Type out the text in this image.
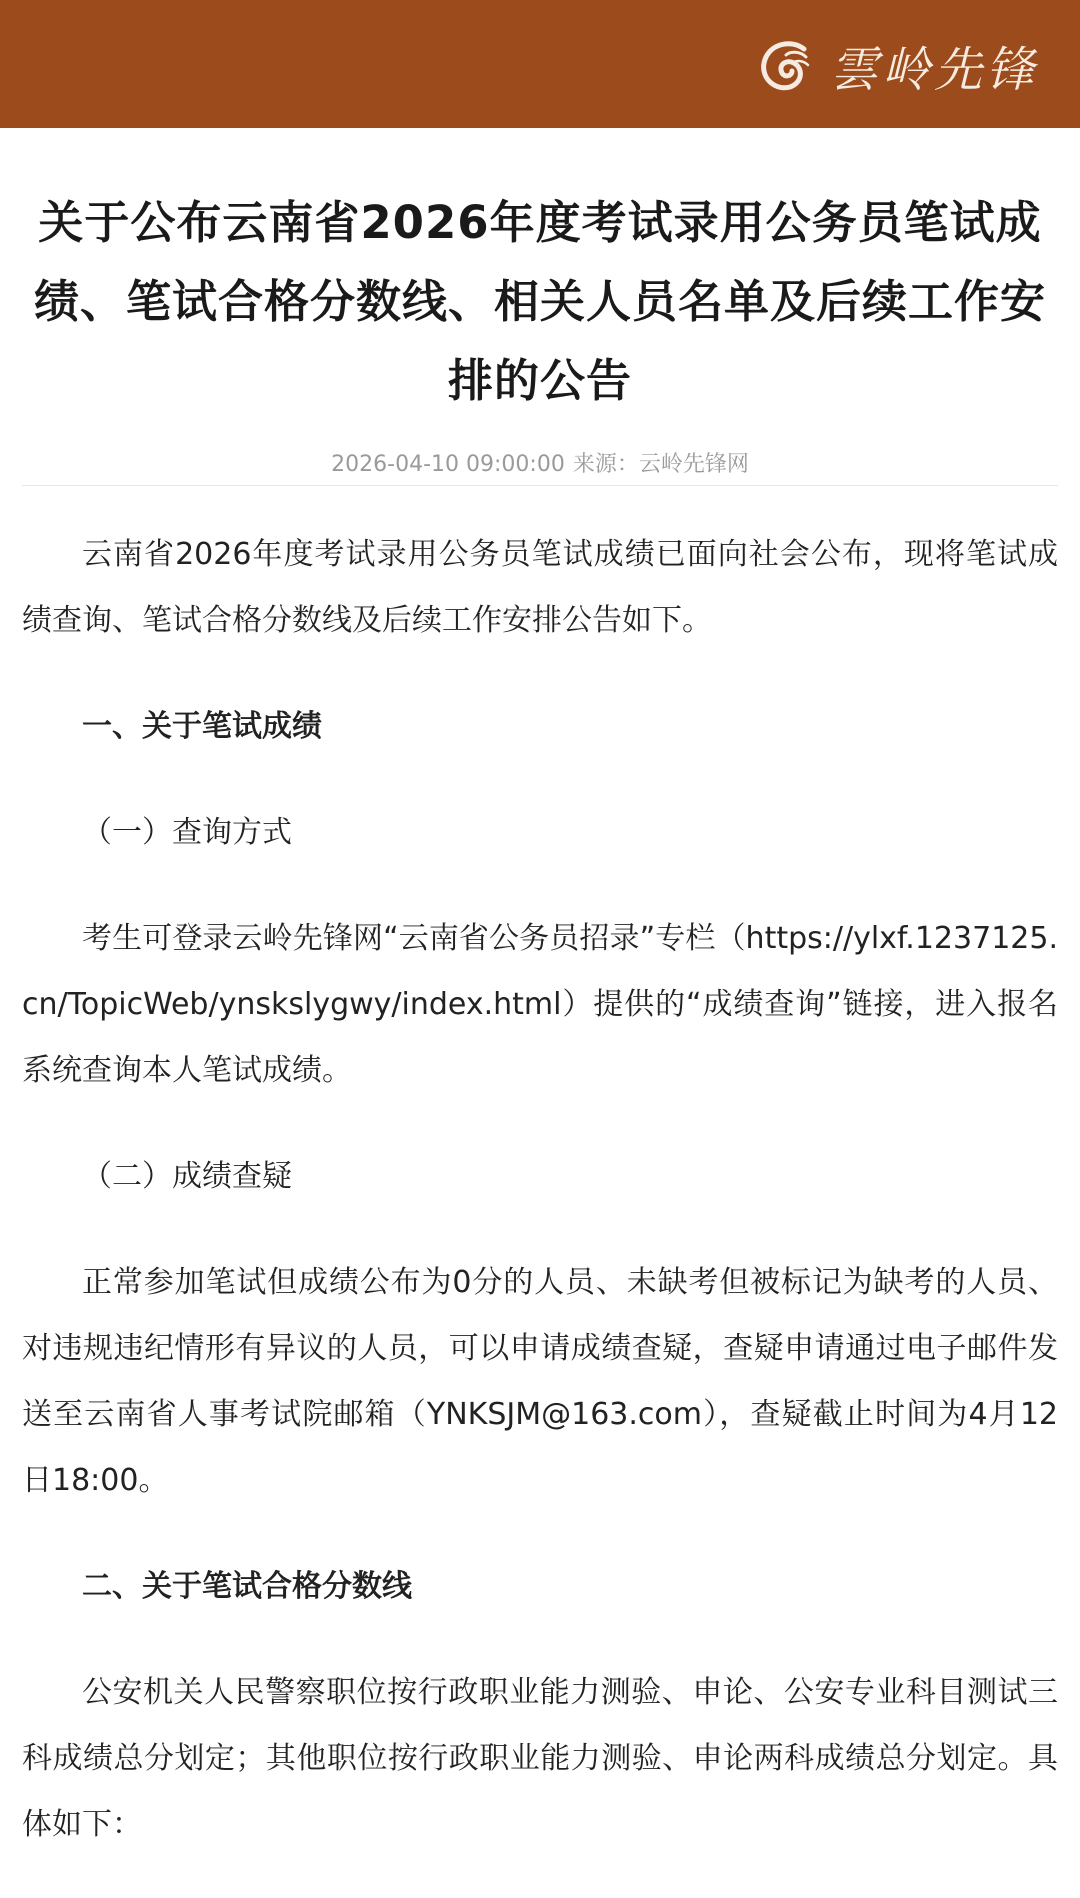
雲岭先锋
关于公布云南省2026年度考试录用公务员笔试成绩、笔试合格分数线、相关人员名单及后续工作安排的公告
2026-04-10 09:00:00 来源：云岭先锋网

云南省2026年度考试录用公务员笔试成绩已面向社会公布，现将笔试成绩查询、笔试合格分数线及后续工作安排公告如下。

一、关于笔试成绩

（一）查询方式

考生可登录云岭先锋网“云南省公务员招录”专栏（https://ylxf.1237125.cn/TopicWeb/ynskslygwy/index.html）提供的“成绩查询”链接，进入报名系统查询本人笔试成绩。

（二）成绩查疑

正常参加笔试但成绩公布为0分的人员、未缺考但被标记为缺考的人员、对违规违纪情形有异议的人员，可以申请成绩查疑，查疑申请通过电子邮件发送至云南省人事考试院邮箱（YNKSJM@163.com），查疑截止时间为4月12日18:00。

二、关于笔试合格分数线

公安机关人民警察职位按行政职业能力测验、申论、公安专业科目测试三科成绩总分划定；其他职位按行政职业能力测验、申论两科成绩总分划定。具体如下：
